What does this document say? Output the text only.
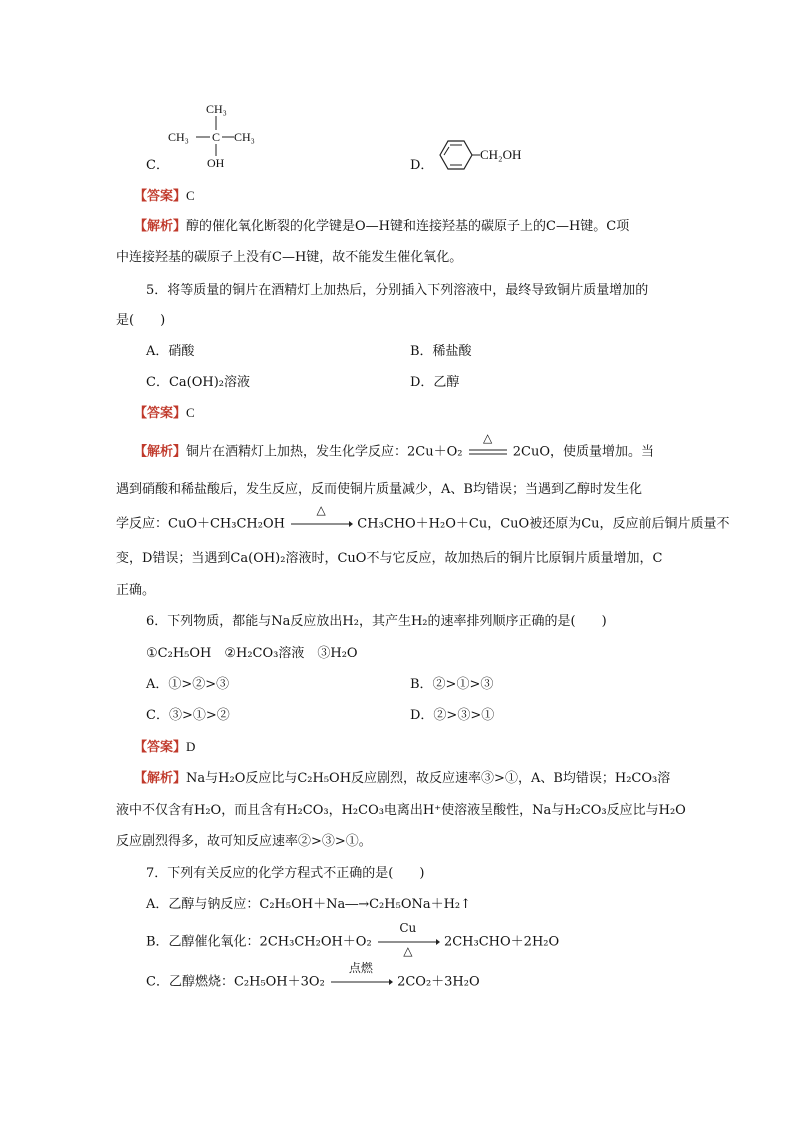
C．
CH₃
CH₃ C CH₃
OH	D．
CH₂OH
【答案】C
【解析】醇的催化氧化断裂的化学键是O—H键和连接羟基的碳原子上的C—H键。C项
中连接羟基的碳原子上没有C—H键，故不能发生催化氧化。
5．将等质量的铜片在酒精灯上加热后，分别插入下列溶液中，最终导致铜片质量增加的
是(　　)
A．硝酸	B．稀盐酸
C．Ca(OH)₂溶液	D．乙醇
【答案】C
【解析】铜片在酒精灯上加热，发生化学反应：2Cu＋O₂
△
2CuO，使质量增加。当
遇到硝酸和稀盐酸后，发生反应，反而使铜片质量减少，A、B均错误；当遇到乙醇时发生化
学反应：CuO＋CH₃CH₂OH
△
CH₃CHO＋H₂O＋Cu，CuO被还原为Cu，反应前后铜片质量不
变，D错误；当遇到Ca(OH)₂溶液时，CuO不与它反应，故加热后的铜片比原铜片质量增加，C
正确。
6．下列物质，都能与Na反应放出H₂，其产生H₂的速率排列顺序正确的是(　　)
①C₂H₅OH　②H₂CO₃溶液　③H₂O
A．①>②>③	B．②>①>③
C．③>①>②	D．②>③>①
【答案】D
【解析】Na与H₂O反应比与C₂H₅OH反应剧烈，故反应速率③>①，A、B均错误；H₂CO₃溶
液中不仅含有H₂O，而且含有H₂CO₃，H₂CO₃电离出H⁺使溶液呈酸性，Na与H₂CO₃反应比与H₂O
反应剧烈得多，故可知反应速率②>③>①。
7．下列有关反应的化学方程式不正确的是(　　)
A．乙醇与钠反应：C₂H₅OH＋Na―→C₂H₅ONa＋H₂↑
B．乙醇催化氧化：2CH₃CH₂OH＋O₂
Cu
△
2CH₃CHO＋2H₂O
C．乙醇燃烧：C₂H₅OH＋3O₂
点燃
2CO₂＋3H₂O
